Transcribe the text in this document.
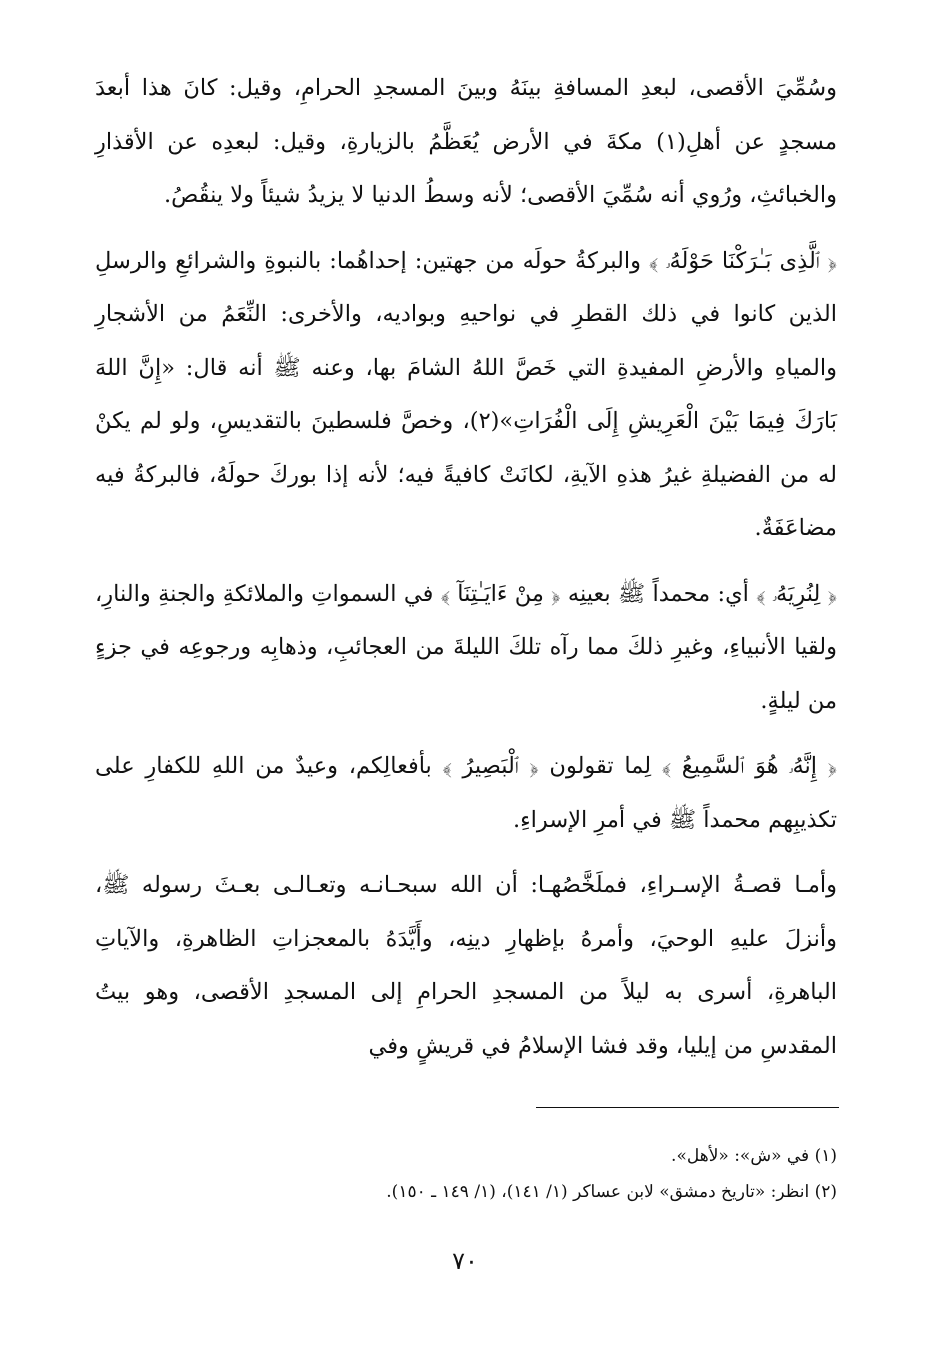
وسُمِّيَ الأقصى، لبعدِ المسافةِ بينَهُ وبينَ المسجدِ الحرامِ، وقيل: كانَ هذا أبعدَ مسجدٍ عن أهلِ(١) مكةَ في الأرض يُعَظَّمُ بالزيارةِ، وقيل: لبعدِه عن الأقذارِ والخبائثِ، ورُوي أنه سُمِّيَ الأقصى؛ لأنه وسطُ الدنيا لا يزيدُ شيئاً ولا ينقُصُ.

﴿ ٱلَّذِى بَـٰرَكْنَا حَوْلَهُۥ ﴾ والبركةُ حولَه من جهتين: إحداهُما: بالنبوةِ والشرائعِ والرسلِ الذين كانوا في ذلك القطرِ في نواحيهِ وبواديه، والأخرى: النِّعَمُ من الأشجارِ والمياهِ والأرضِ المفيدةِ التي خَصَّ اللهُ الشامَ بها، وعنه ﷺ أنه قال: «إِنَّ اللهَ بَارَكَ فِيمَا بَيْنَ الْعَرِيشِ إِلَى الْفُرَاتِ»(٢)، وخصَّ فلسطينَ بالتقديسِ، ولو لم يكنْ له من الفضيلةِ غيرُ هذهِ الآيةِ، لكانَتْ كافيةً فيه؛ لأنه إذا بوركَ حولَهُ، فالبركةُ فيه مضاعَفَةٌ.

﴿ لِنُرِيَهُۥ ﴾ أي: محمداً ﷺ بعينِه ﴿ مِنْ ءَايَـٰتِنَآ ﴾ في السمواتِ والملائكةِ والجنةِ والنارِ، ولقيا الأنبياءِ، وغيرِ ذلكَ مما رآه تلكَ الليلةَ من العجائبِ، وذهابِه ورجوعِه في جزءٍ من ليلةٍ.

﴿ إِنَّهُۥ هُوَ ٱلسَّمِيعُ ﴾ لِما تقولون ﴿ ٱلْبَصِيرُ ﴾ بأفعالِكم، وعيدٌ من اللهِ للكفارِ على تكذيبِهم محمداً ﷺ في أمرِ الإسراءِ.

وأمـا قصـةُ الإسـراءِ، فملَخَّصُهـا: أن الله سبحـانـه وتعـالـى بعـثَ رسوله ﷺ، وأنزلَ عليهِ الوحيَ، وأمرهُ بإظهارِ دينِه، وأَيَّدَهُ بالمعجزاتِ الظاهرةِ، والآياتِ الباهرةِ، أسرى به ليلاً من المسجدِ الحرامِ إلى المسجدِ الأقصى، وهو بيتُ المقدسِ من إيليا، وقد فشا الإسلامُ في قريشٍ وفي

(١) في «ش»: «لأهل».
(٢) انظر: «تاريخ دمشق» لابن عساكر (١/ ١٤١)، (١/ ١٤٩ ـ ١٥٠).
٧٠
